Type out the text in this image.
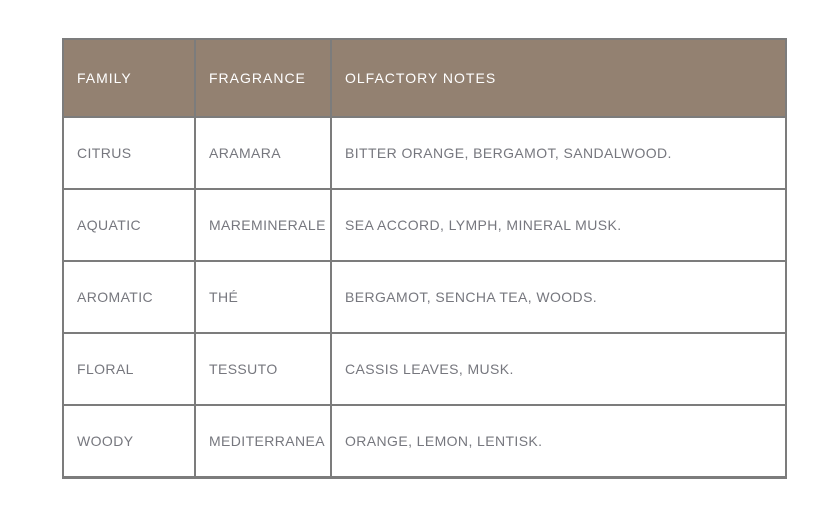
FAMILY	FRAGRANCE	OLFACTORY NOTES
CITRUS	ARAMARA	BITTER ORANGE, BERGAMOT, SANDALWOOD.
AQUATIC	MAREMINERALE	SEA ACCORD, LYMPH, MINERAL MUSK.
AROMATIC	THÉ	BERGAMOT, SENCHA TEA, WOODS.
FLORAL	TESSUTO	CASSIS LEAVES, MUSK.
WOODY	MEDITERRANEA	ORANGE, LEMON, LENTISK.
